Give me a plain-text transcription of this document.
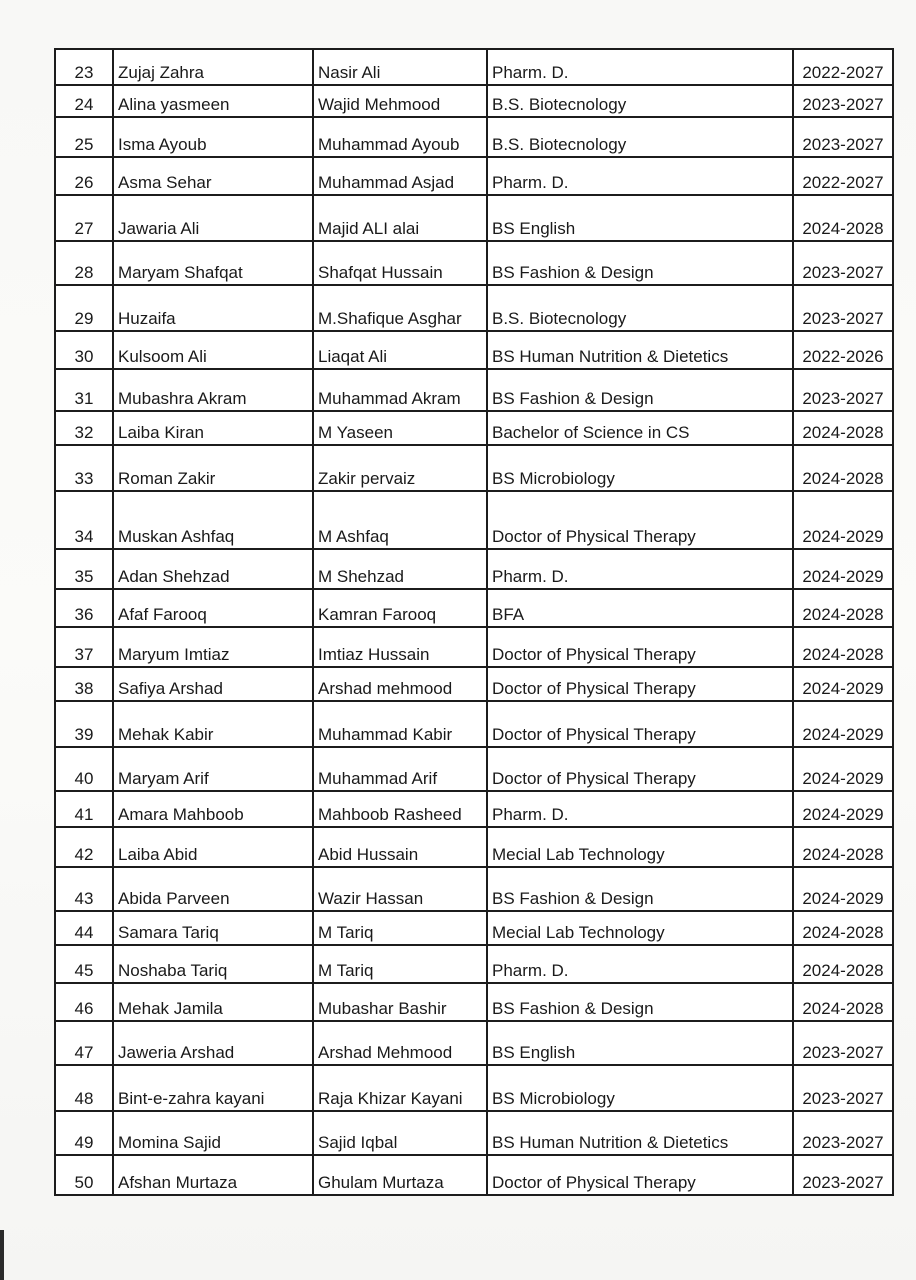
23	Zujaj Zahra	Nasir Ali	Pharm. D.	2022-2027
24	Alina yasmeen	Wajid Mehmood	B.S. Biotecnology	2023-2027
25	Isma Ayoub	Muhammad Ayoub	B.S. Biotecnology	2023-2027
26	Asma Sehar	Muhammad Asjad	Pharm. D.	2022-2027
27	Jawaria Ali	Majid ALI alai	BS English	2024-2028
28	Maryam Shafqat	Shafqat Hussain	BS Fashion & Design	2023-2027
29	Huzaifa	M.Shafique Asghar	B.S. Biotecnology	2023-2027
30	Kulsoom Ali	Liaqat Ali	BS Human Nutrition & Dietetics	2022-2026
31	Mubashra Akram	Muhammad Akram	BS Fashion & Design	2023-2027
32	Laiba Kiran	M Yaseen	Bachelor of Science in CS	2024-2028
33	Roman Zakir	Zakir pervaiz	BS Microbiology	2024-2028
34	Muskan Ashfaq	M Ashfaq	Doctor of Physical Therapy	2024-2029
35	Adan Shehzad	M Shehzad	Pharm. D.	2024-2029
36	Afaf Farooq	Kamran Farooq	BFA	2024-2028
37	Maryum Imtiaz	Imtiaz Hussain	Doctor of Physical Therapy	2024-2028
38	Safiya Arshad	Arshad mehmood	Doctor of Physical Therapy	2024-2029
39	Mehak Kabir	Muhammad Kabir	Doctor of Physical Therapy	2024-2029
40	Maryam Arif	Muhammad Arif	Doctor of Physical Therapy	2024-2029
41	Amara Mahboob	Mahboob Rasheed	Pharm. D.	2024-2029
42	Laiba Abid	Abid Hussain	Mecial Lab Technology	2024-2028
43	Abida Parveen	Wazir Hassan	BS Fashion & Design	2024-2029
44	Samara Tariq	M Tariq	Mecial Lab Technology	2024-2028
45	Noshaba Tariq	M Tariq	Pharm. D.	2024-2028
46	Mehak Jamila	Mubashar Bashir	BS Fashion & Design	2024-2028
47	Jaweria Arshad	Arshad Mehmood	BS English	2023-2027
48	Bint-e-zahra kayani	Raja Khizar Kayani	BS Microbiology	2023-2027
49	Momina Sajid	Sajid Iqbal	BS Human Nutrition & Dietetics	2023-2027
50	Afshan Murtaza	Ghulam Murtaza	Doctor of Physical Therapy	2023-2027
